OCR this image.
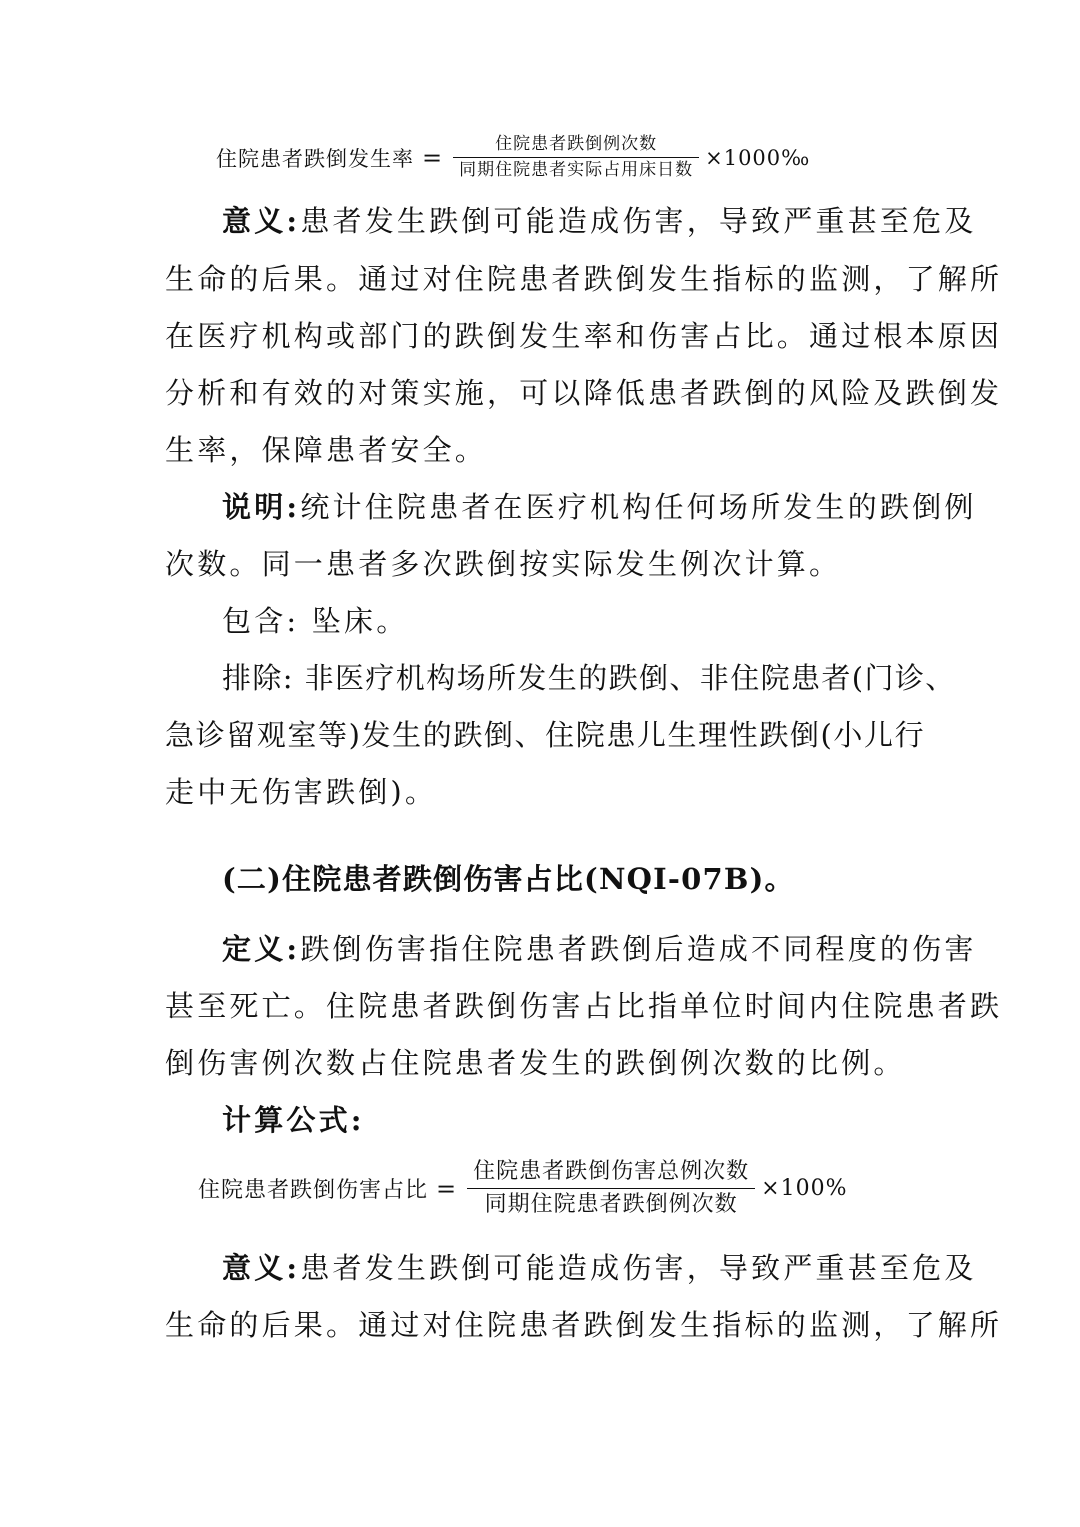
住院患者跌倒发生率 = $\frac{\text{住院患者跌倒例次数}}{\text{同期住院患者实际占用床日数}}$ ×1000‰
意义:患者发生跌倒可能造成伤害，导致严重甚至危及
生命的后果。通过对住院患者跌倒发生指标的监测，了解所
在医疗机构或部门的跌倒发生率和伤害占比。通过根本原因
分析和有效的对策实施，可以降低患者跌倒的风险及跌倒发
生率，保障患者安全。
说明:统计住院患者在医疗机构任何场所发生的跌倒例
次数。同一患者多次跌倒按实际发生例次计算。
包含: 坠床。
排除: 非医疗机构场所发生的跌倒、非住院患者(门诊、
急诊留观室等)发生的跌倒、住院患儿生理性跌倒(小儿行
走中无伤害跌倒)。
(二)住院患者跌倒伤害占比(NQI-07B)。
定义:跌倒伤害指住院患者跌倒后造成不同程度的伤害
甚至死亡。住院患者跌倒伤害占比指单位时间内住院患者跌
倒伤害例次数占住院患者发生的跌倒例次数的比例。
计算公式:
住院患者跌倒伤害占比 = $\frac{\text{住院患者跌倒伤害总例次数}}{\text{同期住院患者跌倒例次数}} \times 100\%$
意义:患者发生跌倒可能造成伤害，导致严重甚至危及
生命的后果。通过对住院患者跌倒发生指标的监测，了解所
